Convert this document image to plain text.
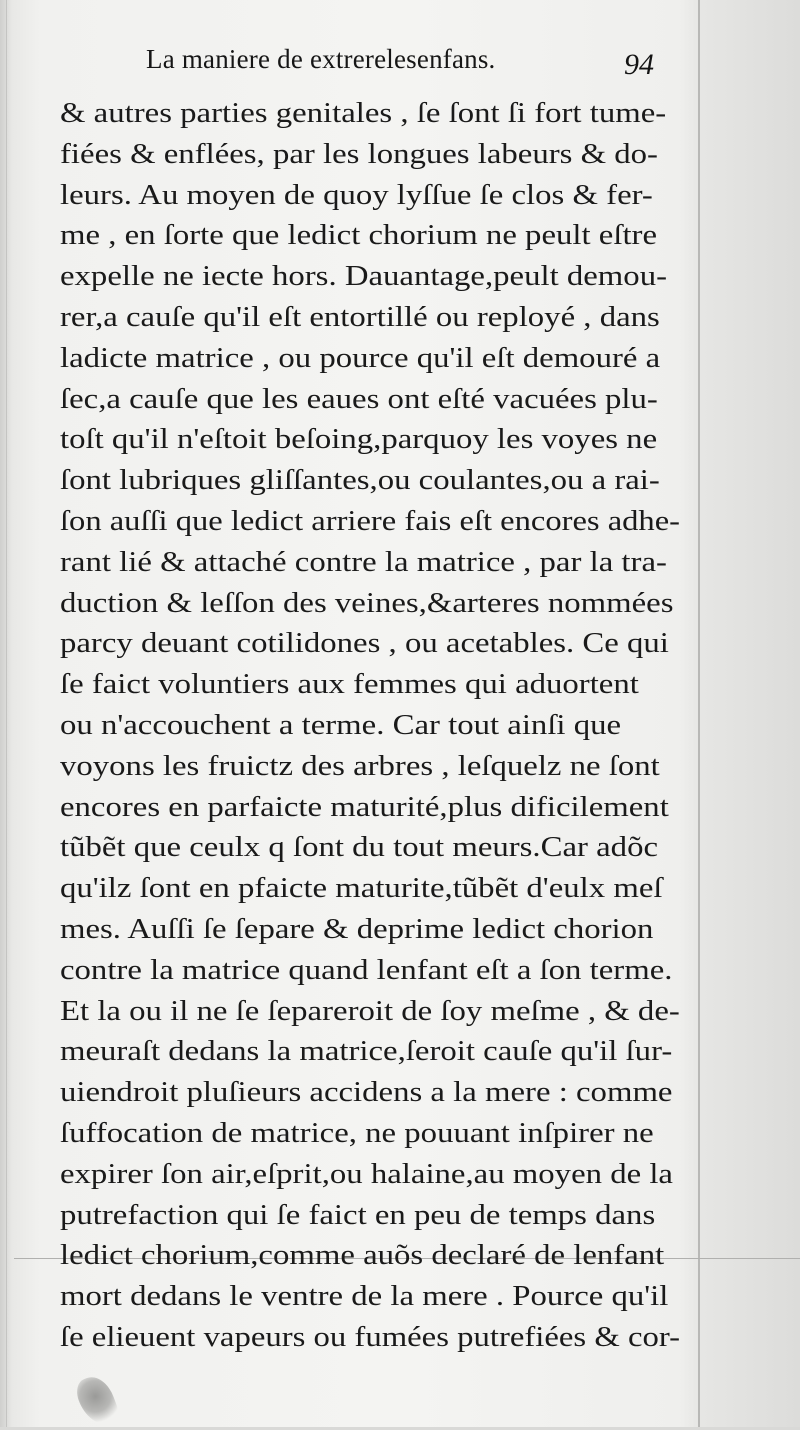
La maniere de extrerelesenfans.	94
& autres parties genitales , ſe ſont ſi fort tume-
fiées & enflées, par les longues labeurs & do-
leurs. Au moyen de quoy lyſſue ſe clos & fer-
me , en ſorte que ledict chorium ne peult eſtre
expelle ne iecte hors. Dauantage,peult demou-
rer,a cauſe qu'il eſt entortillé ou reployé , dans
ladicte matrice , ou pource qu'il eſt demouré a
ſec,a cauſe que les eaues ont eſté vacuées plu-
toſt qu'il n'eſtoit beſoing,parquoy les voyes ne
ſont lubriques gliſſantes,ou coulantes,ou a rai-
ſon auſſi que ledict arriere fais eſt encores adhe-
rant lié & attaché contre la matrice , par la tra-
duction & leſſon des veines,&arteres nommées
parcy deuant cotilidones , ou acetables. Ce qui
ſe faict voluntiers aux femmes qui aduortent
ou n'accouchent a terme. Car tout ainſi que
voyons les fruictz des arbres , leſquelz ne ſont
encores en parfaicte maturité,plus dificilement
tũbẽt que ceulx q ſont du tout meurs.Car adõc
qu'ilz ſont en pfaicte maturite,tũbẽt d'eulx meſ
mes. Auſſi ſe ſepare & deprime ledict chorion
contre la matrice quand lenfant eſt a ſon terme.
Et la ou il ne ſe ſepareroit de ſoy meſme , & de-
meuraſt dedans la matrice,ſeroit cauſe qu'il ſur-
uiendroit pluſieurs accidens a la mere : comme
ſuffocation de matrice, ne pouuant inſpirer ne
expirer ſon air,eſprit,ou halaine,au moyen de la
putrefaction qui ſe faict en peu de temps dans
ledict chorium,comme auõs declaré de lenfant
mort dedans le ventre de la mere . Pource qu'il
ſe elieuent vapeurs ou fumées putrefiées & cor-
